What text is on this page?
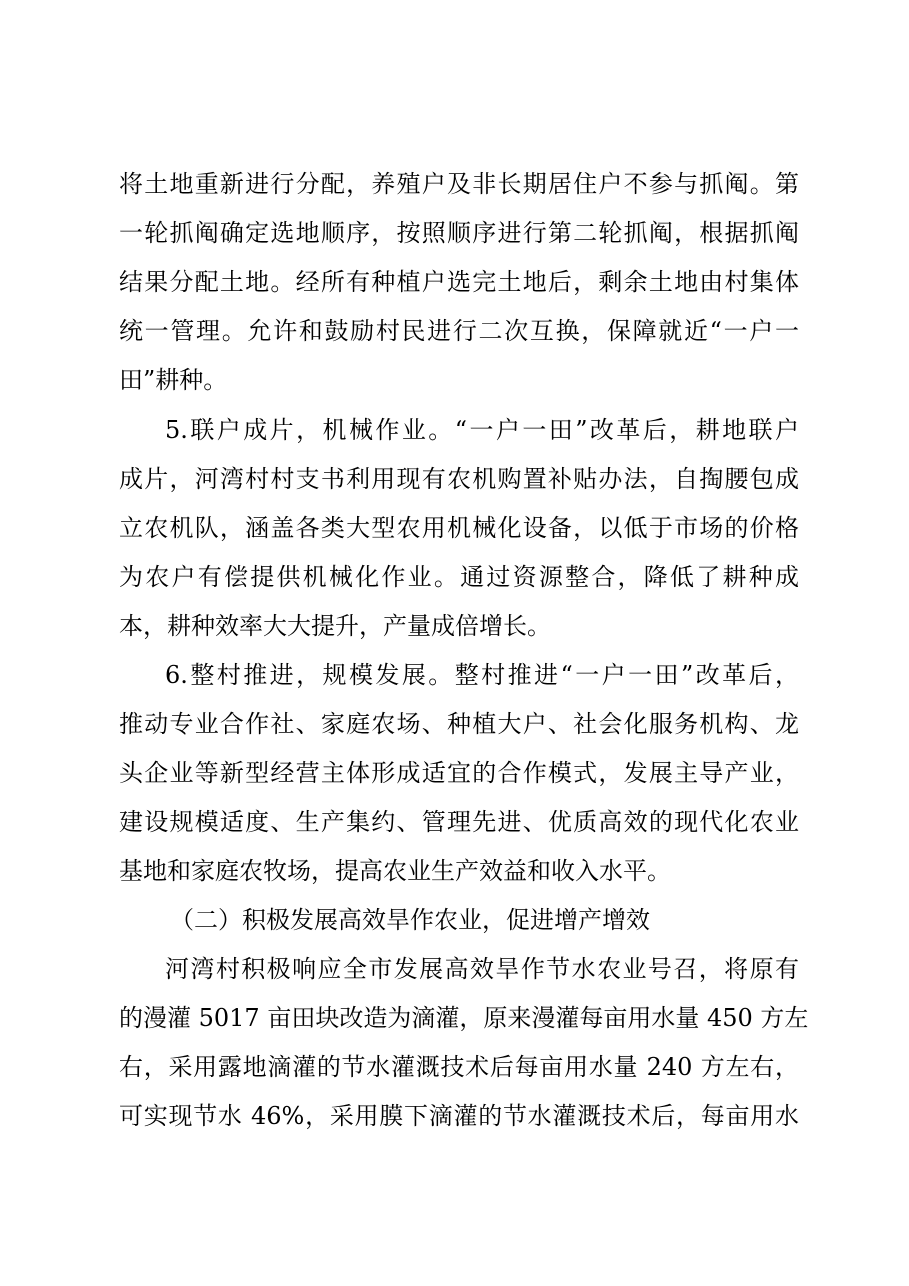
将土地重新进行分配，养殖户及非长期居住户不参与抓阄。第
一轮抓阄确定选地顺序，按照顺序进行第二轮抓阄，根据抓阄
结果分配土地。经所有种植户选完土地后，剩余土地由村集体
统一管理。允许和鼓励村民进行二次互换，保障就近“一户一
田”耕种。
5.联户成片，机械作业。“一户一田”改革后，耕地联户
成片，河湾村村支书利用现有农机购置补贴办法，自掏腰包成
立农机队，涵盖各类大型农用机械化设备，以低于市场的价格
为农户有偿提供机械化作业。通过资源整合，降低了耕种成
本，耕种效率大大提升，产量成倍增长。
6.整村推进，规模发展。整村推进“一户一田”改革后，
推动专业合作社、家庭农场、种植大户、社会化服务机构、龙
头企业等新型经营主体形成适宜的合作模式，发展主导产业，
建设规模适度、生产集约、管理先进、优质高效的现代化农业
基地和家庭农牧场，提高农业生产效益和收入水平。
（二）积极发展高效旱作农业，促进增产增效
河湾村积极响应全市发展高效旱作节水农业号召，将原有
的漫灌 5017 亩田块改造为滴灌，原来漫灌每亩用水量 450 方左
右，采用露地滴灌的节水灌溉技术后每亩用水量 240 方左右，
可实现节水 46%，采用膜下滴灌的节水灌溉技术后，每亩用水
